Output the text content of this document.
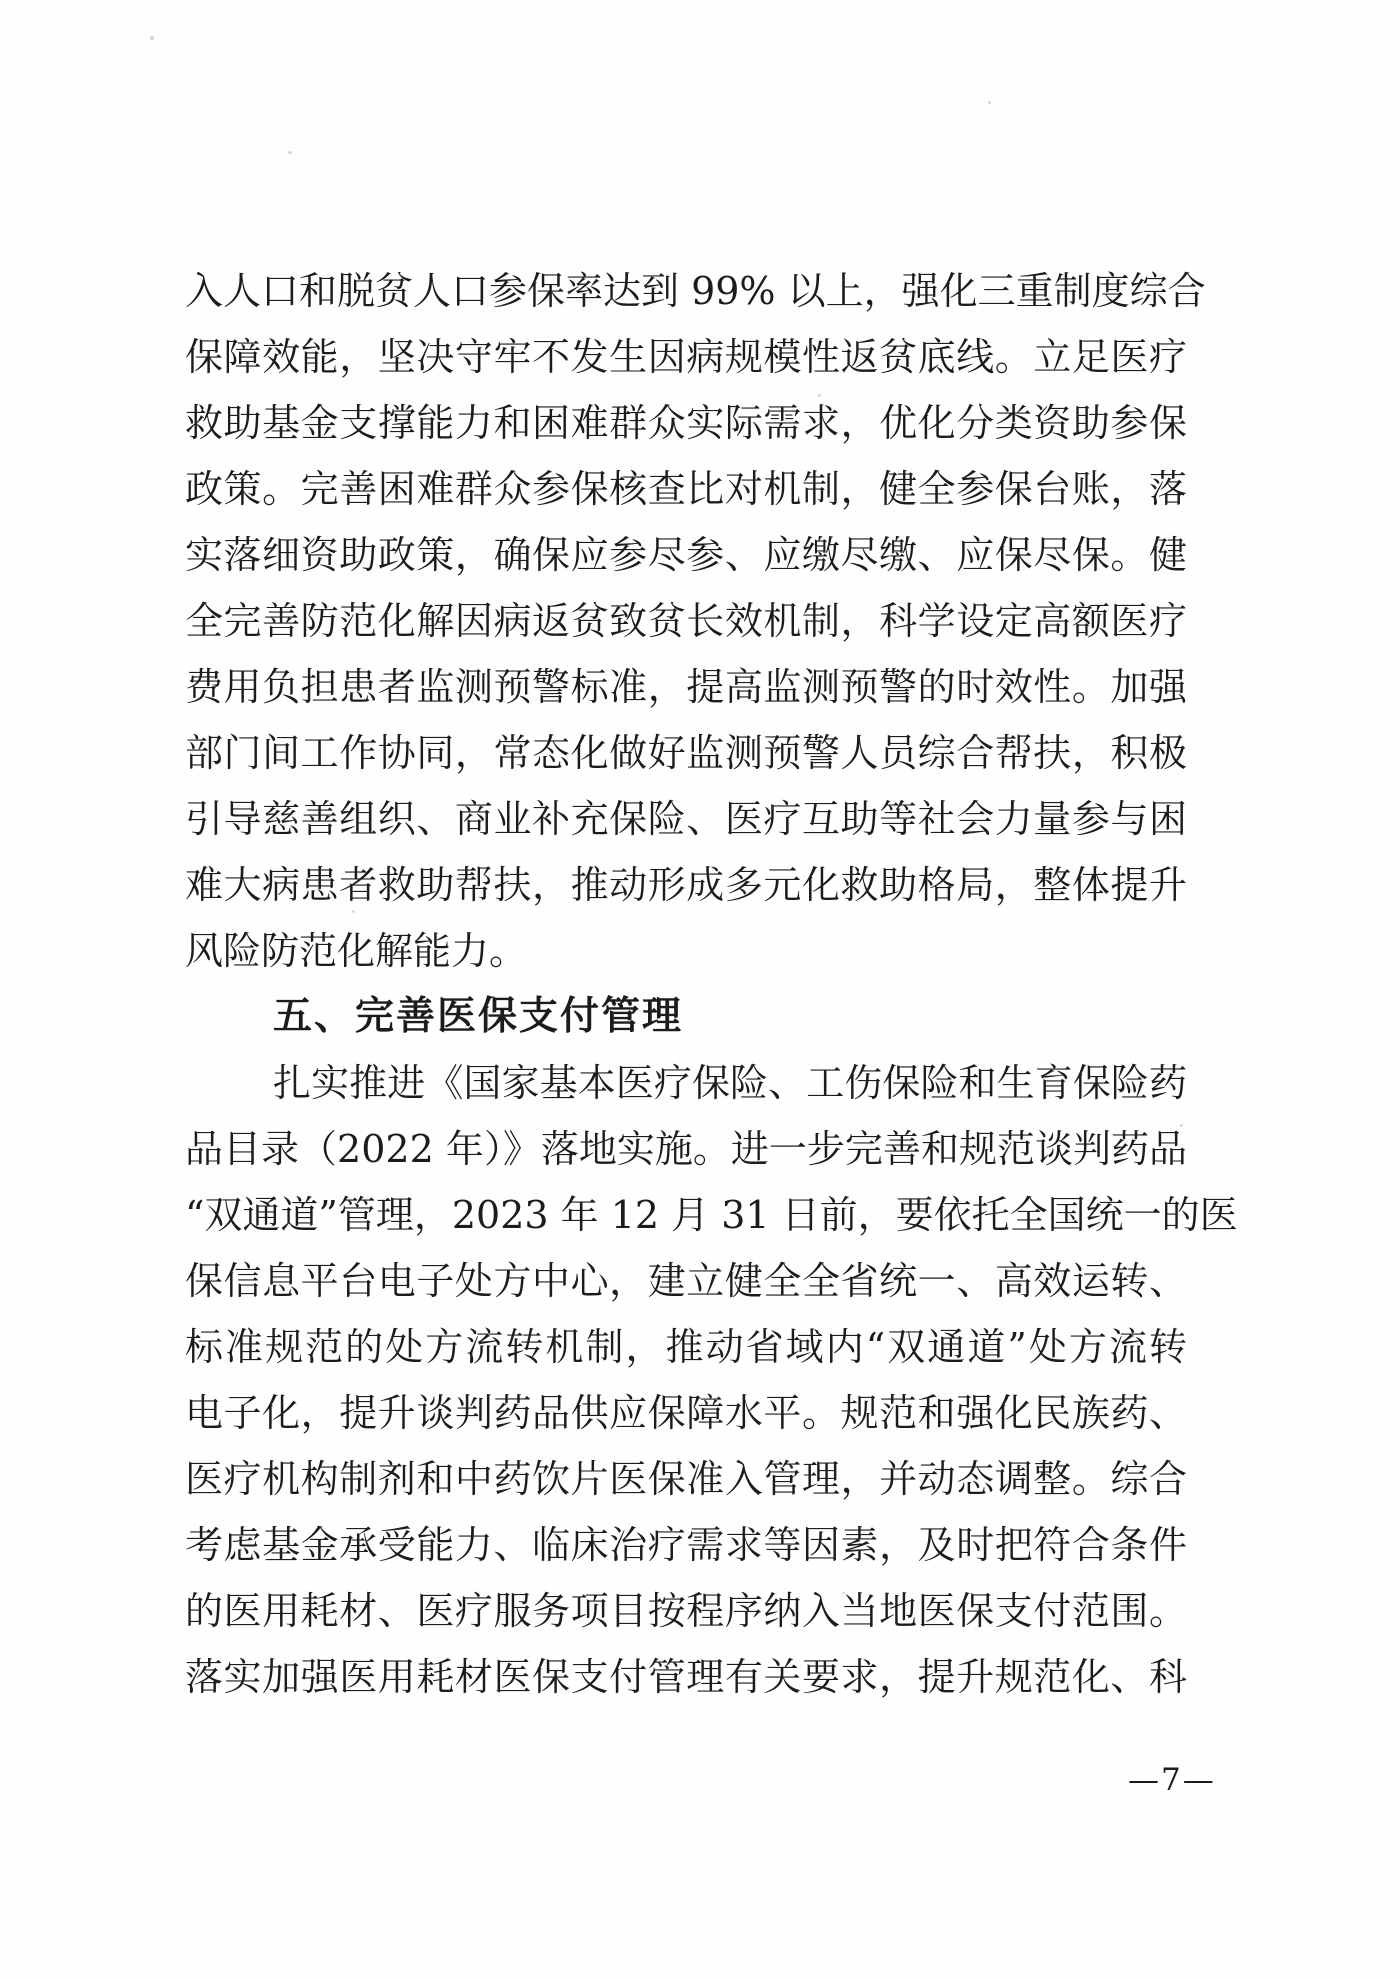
入人口和脱贫人口参保率达到 99% 以上，强化三重制度综合
保障效能，坚决守牢不发生因病规模性返贫底线。立足医疗
救助基金支撑能力和困难群众实际需求，优化分类资助参保
政策。完善困难群众参保核查比对机制，健全参保台账，落
实落细资助政策，确保应参尽参、应缴尽缴、应保尽保。健
全完善防范化解因病返贫致贫长效机制，科学设定高额医疗
费用负担患者监测预警标准，提高监测预警的时效性。加强
部门间工作协同，常态化做好监测预警人员综合帮扶，积极
引导慈善组织、商业补充保险、医疗互助等社会力量参与困
难大病患者救助帮扶，推动形成多元化救助格局，整体提升
风险防范化解能力。
五、完善医保支付管理
扎实推进《国家基本医疗保险、工伤保险和生育保险药
品目录（2022 年）》落地实施。进一步完善和规范谈判药品
“双通道”管理，2023 年 12 月 31 日前，要依托全国统一的医
保信息平台电子处方中心，建立健全全省统一、高效运转、
标准规范的处方流转机制，推动省域内“双通道”处方流转
电子化，提升谈判药品供应保障水平。规范和强化民族药、
医疗机构制剂和中药饮片医保准入管理，并动态调整。综合
考虑基金承受能力、临床治疗需求等因素，及时把符合条件
的医用耗材、医疗服务项目按程序纳入当地医保支付范围。
落实加强医用耗材医保支付管理有关要求，提升规范化、科
—7—
